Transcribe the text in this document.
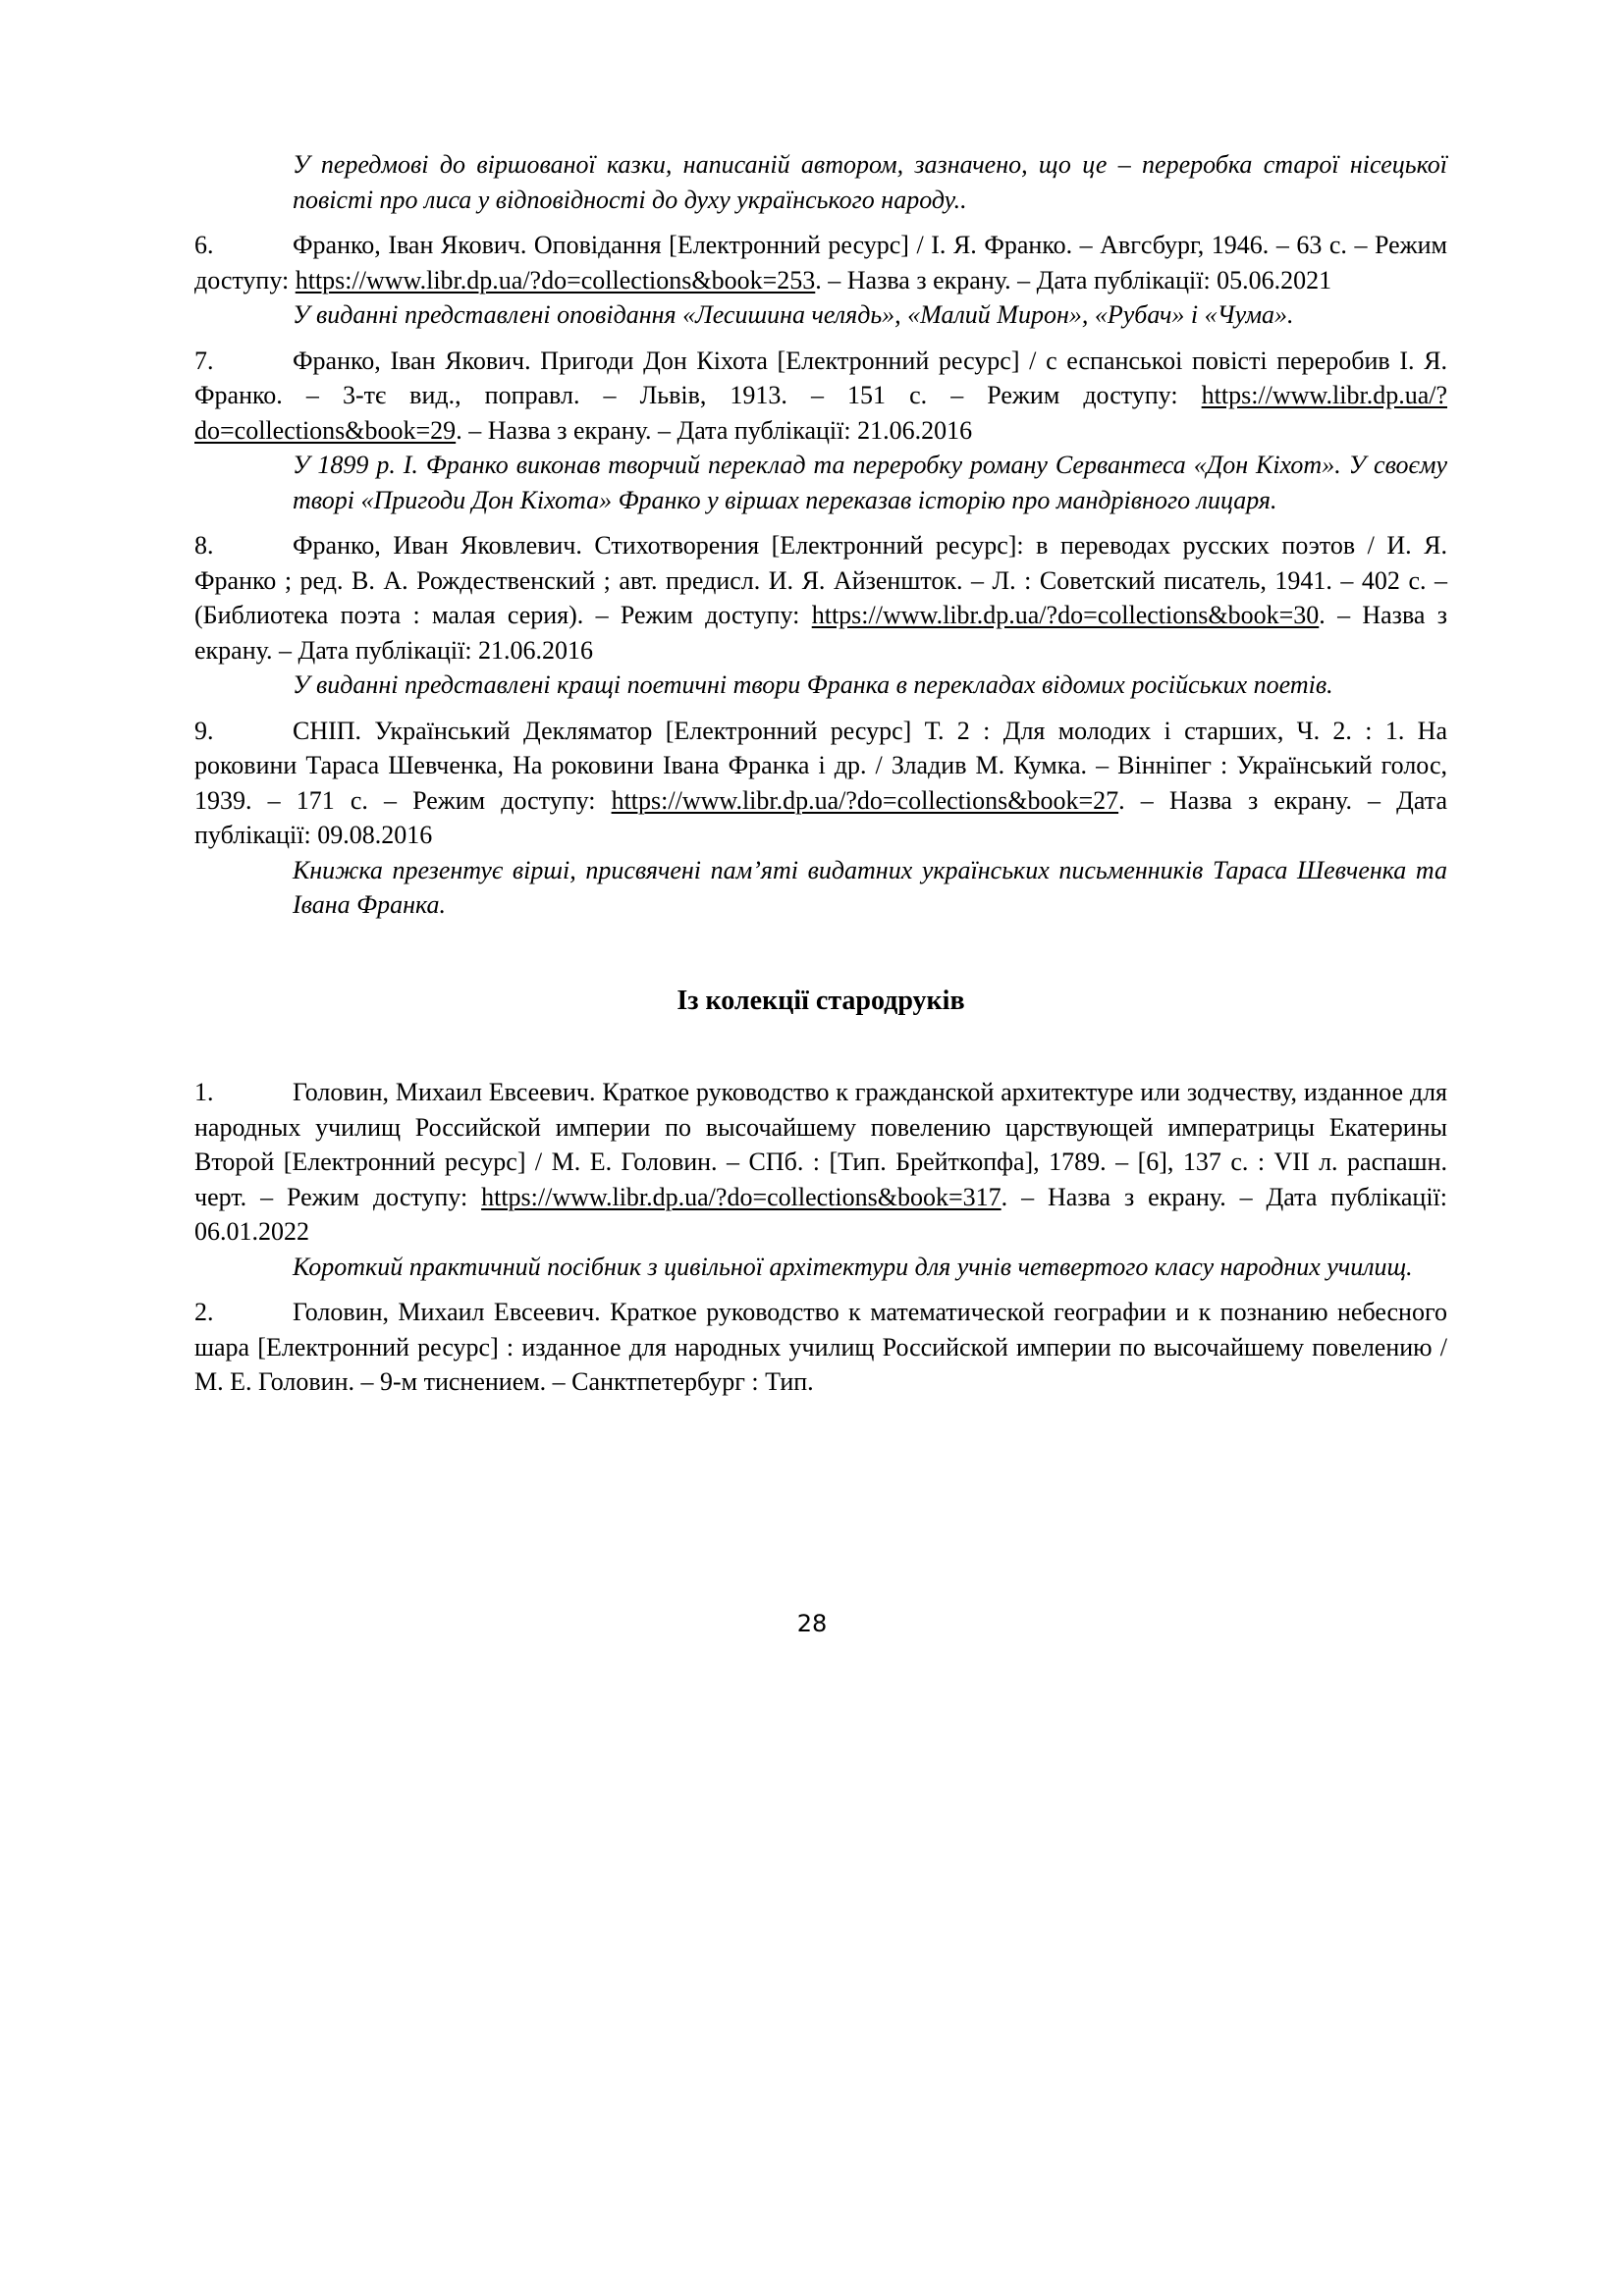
У передмові до віршованої казки, написаній автором, зазначено, що це – переробка старої нісецької повісті про лиса у відповідності до духу українського народу..

6.	Франко, Іван Якович. Оповідання [Електронний ресурс] / І. Я. Франко. – Авгсбург, 1946. – 63 с. – Режим доступу: https://www.libr.dp.ua/?do=collections&book=253. – Назва з екрану. – Дата публікації: 05.06.2021

У виданні представлені оповідання «Лесишина челядь», «Малий Мирон», «Рубач» і «Чума».

7.	Франко, Іван Якович. Пригоди Дон Кіхота [Електронний ресурс] / с еспанськоі повісті переробив І. Я. Франко. – 3-тє вид., поправл. – Львів, 1913. – 151 с. – Режим доступу: https://www.libr.dp.ua/?do=collections&book=29. – Назва з екрану. – Дата публікації: 21.06.2016

У 1899 р. І. Франко виконав творчий переклад та переробку роману Сервантеса «Дон Кіхот». У своєму творі «Пригоди Дон Кіхота» Франко у віршах переказав історію про мандрівного лицаря.

8.	Франко, Иван Яковлевич. Стихотворения [Електронний ресурс]: в переводах русских поэтов / И. Я. Франко ; ред. В. А. Рождественский ; авт. предисл. И. Я. Айзеншток. – Л. : Советский писатель, 1941. – 402 с. – (Библиотека поэта : малая серия). – Режим доступу: https://www.libr.dp.ua/?do=collections&book=30. – Назва з екрану. – Дата публікації: 21.06.2016

У виданні представлені кращі поетичні твори Франка в перекладах відомих російських поетів.

9.	СНІП. Український Декляматор [Електронний ресурс] Т. 2 : Для молодих і старших, Ч. 2. : 1. На роковини Тараса Шевченка, На роковини Івана Франка і др. / Зладив М. Кумка. – Вінніпег : Український голос, 1939. – 171 с. – Режим доступу: https://www.libr.dp.ua/?do=collections&book=27. – Назва з екрану. – Дата публікації: 09.08.2016

Книжка презентує вірші, присвячені пам’яті видатних українських письменників Тараса Шевченка та Івана Франка.

Із колекції стародруків

1.	Головин, Михаил Евсеевич. Краткое руководство к гражданской архитектуре или зодчеству, изданное для народных училищ Российской империи по высочайшему повелению царствующей императрицы Екатерины Второй [Електронний ресурс] / М. Е. Головин. – СПб. : [Тип. Брейткопфа], 1789. – [6], 137 с. : VII л. распашн. черт. – Режим доступу: https://www.libr.dp.ua/?do=collections&book=317. – Назва з екрану. – Дата публікації: 06.01.2022

Короткий практичний посібник з цивільної архітектури для учнів четвертого класу народних училищ.

2.	Головин, Михаил Евсеевич. Краткое руководство к математической географии и к познанию небесного шара [Електронний ресурс] : изданное для народных училищ Российской империи по высочайшему повелению / М. Е. Головин. – 9-м тиснением. – Санктпетербург : Тип.

28
